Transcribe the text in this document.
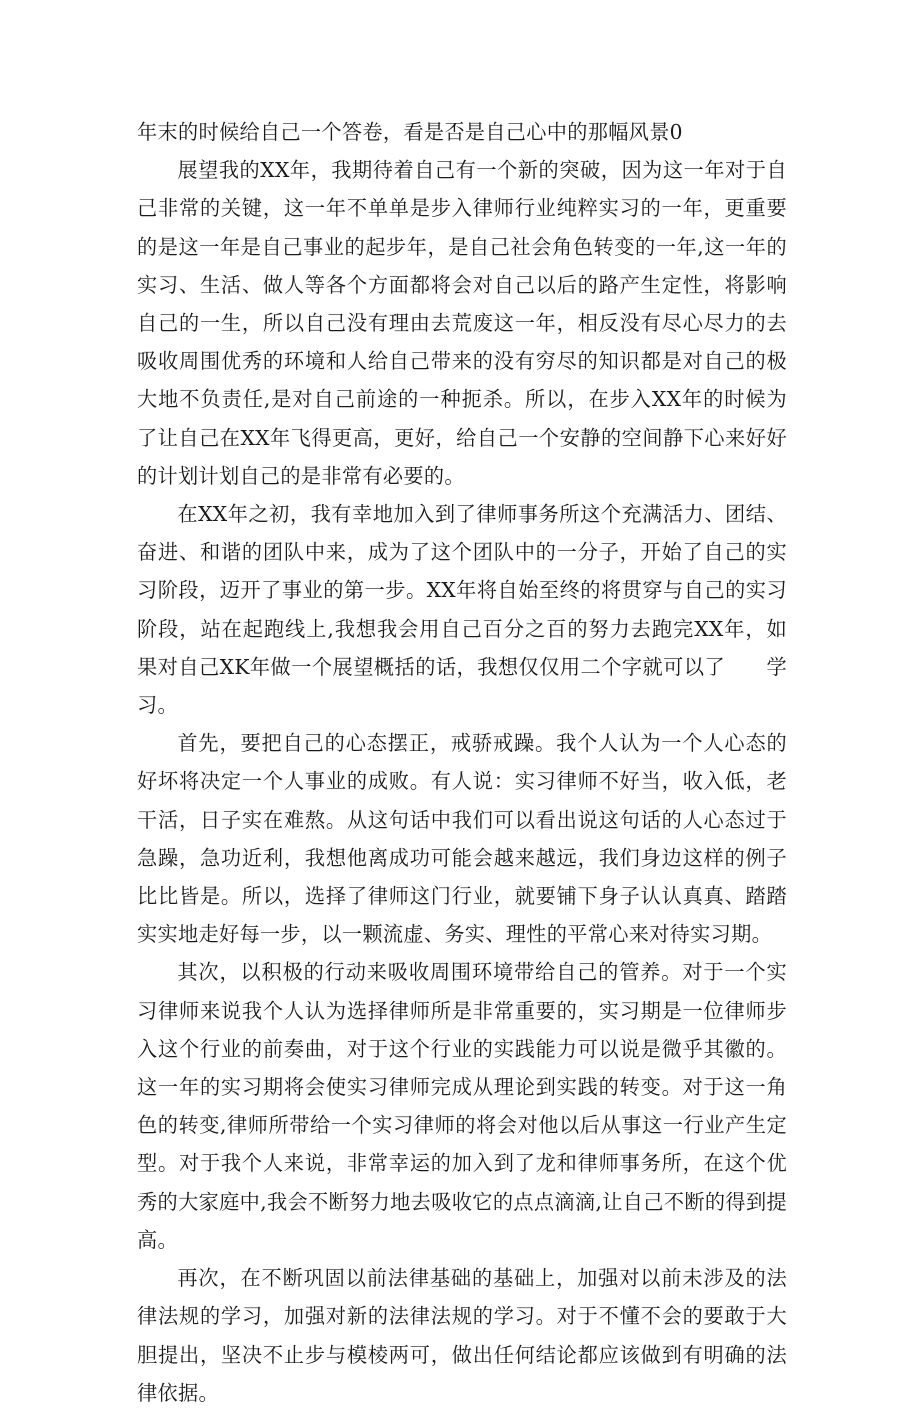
年末的时候给自己一个答卷，看是否是自己心中的那幅风景0

展望我的XX年，我期待着自己有一个新的突破，因为这一年对于自己非常的关键，这一年不单单是步入律师行业纯粹实习的一年，更重要的是这一年是自己事业的起步年，是自己社会角色转变的一年,这一年的实习、生活、做人等各个方面都将会对自己以后的路产生定性，将影响自己的一生，所以自己没有理由去荒废这一年，相反没有尽心尽力的去吸收周围优秀的环境和人给自己带来的没有穷尽的知识都是对自己的极大地不负责任,是对自己前途的一种扼杀。所以，在步入XX年的时候为了让自己在XX年飞得更高，更好，给自己一个安静的空间静下心来好好的计划计划自己的是非常有必要的。

在XX年之初，我有幸地加入到了律师事务所这个充满活力、团结、奋进、和谐的团队中来，成为了这个团队中的一分子，开始了自己的实习阶段，迈开了事业的第一步。XX年将自始至终的将贯穿与自己的实习阶段，站在起跑线上,我想我会用自己百分之百的努力去跑完XX年，如果对自己XK年做一个展望概括的话，我想仅仅用二个字就可以了　　学习。

首先，要把自己的心态摆正，戒骄戒躁。我个人认为一个人心态的好坏将决定一个人事业的成败。有人说：实习律师不好当，收入低，老干活，日子实在难熬。从这句话中我们可以看出说这句话的人心态过于急躁，急功近利，我想他离成功可能会越来越远，我们身边这样的例子比比皆是。所以，选择了律师这门行业，就要铺下身子认认真真、踏踏实实地走好每一步，以一颗流虚、务实、理性的平常心来对待实习期。

其次，以积极的行动来吸收周围环境带给自己的管养。对于一个实习律师来说我个人认为选择律师所是非常重要的，实习期是一位律师步入这个行业的前奏曲，对于这个行业的实践能力可以说是微乎其徽的。这一年的实习期将会使实习律师完成从理论到实践的转变。对于这一角色的转变,律师所带给一个实习律师的将会对他以后从事这一行业产生定型。对于我个人来说，非常幸运的加入到了龙和律师事务所，在这个优秀的大家庭中,我会不断努力地去吸收它的点点滴滴,让自己不断的得到提高。

再次，在不断巩固以前法律基础的基础上，加强对以前未涉及的法律法规的学习，加强对新的法律法规的学习。对于不懂不会的要敢于大胆提出，坚决不止步与模棱两可，做出任何结论都应该做到有明确的法律依据。
